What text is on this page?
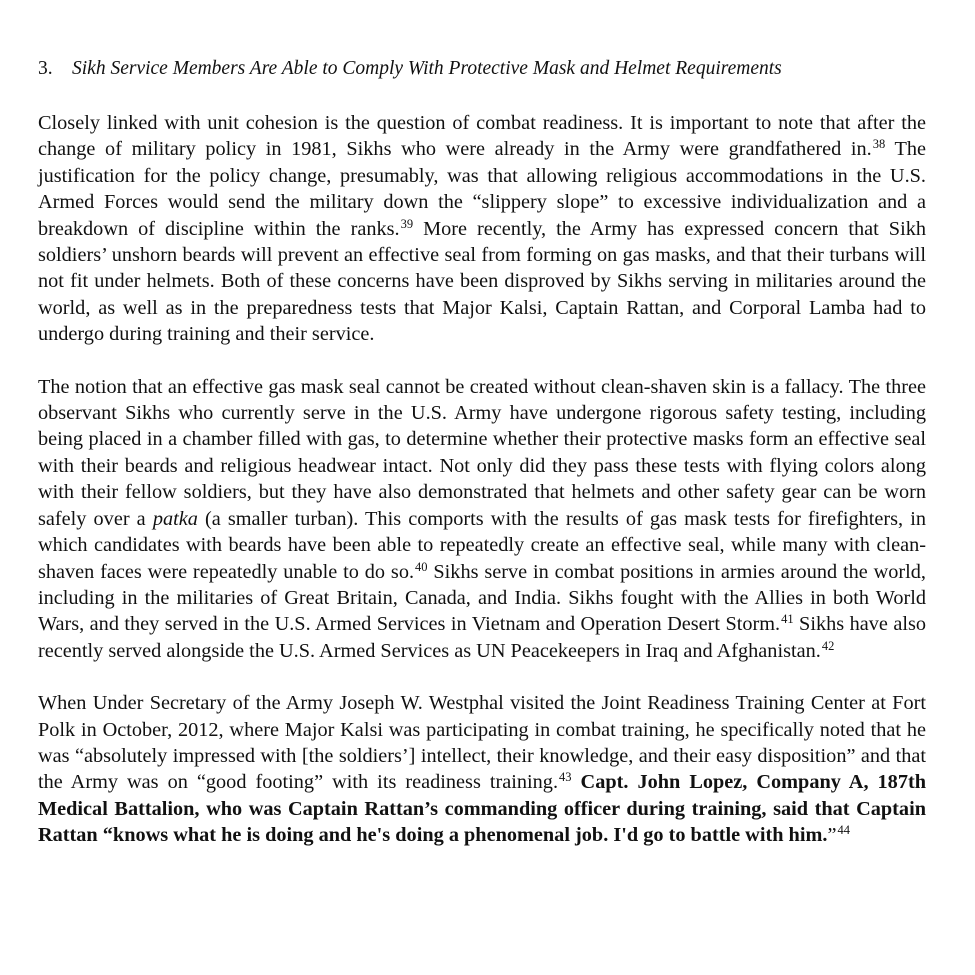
3. Sikh Service Members Are Able to Comply With Protective Mask and Helmet Requirements

Closely linked with unit cohesion is the question of combat readiness. It is important to note that after the change of military policy in 1981, Sikhs who were already in the Army were grandfathered in.$^{38}$ The justification for the policy change, presumably, was that allowing religious accommodations in the U.S. Armed Forces would send the military down the “slippery slope” to excessive individualization and a breakdown of discipline within the ranks.$^{39}$ More recently, the Army has expressed concern that Sikh soldiers’ unshorn beards will prevent an effective seal from forming on gas masks, and that their turbans will not fit under helmets. Both of these concerns have been disproved by Sikhs serving in militaries around the world, as well as in the preparedness tests that Major Kalsi, Captain Rattan, and Corporal Lamba had to undergo during training and their service.

The notion that an effective gas mask seal cannot be created without clean-shaven skin is a fallacy. The three observant Sikhs who currently serve in the U.S. Army have undergone rigorous safety testing, including being placed in a chamber filled with gas, to determine whether their protective masks form an effective seal with their beards and religious headwear intact. Not only did they pass these tests with flying colors along with their fellow soldiers, but they have also demonstrated that helmets and other safety gear can be worn safely over a patka (a smaller turban). This comports with the results of gas mask tests for firefighters, in which candidates with beards have been able to repeatedly create an effective seal, while many with clean-shaven faces were repeatedly unable to do so.$^{40}$ Sikhs serve in combat positions in armies around the world, including in the militaries of Great Britain, Canada, and India. Sikhs fought with the Allies in both World Wars, and they served in the U.S. Armed Services in Vietnam and Operation Desert Storm.$^{41}$ Sikhs have also recently served alongside the U.S. Armed Services as UN Peacekeepers in Iraq and Afghanistan.$^{42}$

When Under Secretary of the Army Joseph W. Westphal visited the Joint Readiness Training Center at Fort Polk in October, 2012, where Major Kalsi was participating in combat training, he specifically noted that he was “absolutely impressed with [the soldiers’] intellect, their knowledge, and their easy disposition” and that the Army was on “good footing” with its readiness training.$^{43}$ Capt. John Lopez, Company A, 187th Medical Battalion, who was Captain Rattan’s commanding officer during training, said that Captain Rattan “knows what he is doing and he's doing a phenomenal job. I'd go to battle with him.”$^{44}$
